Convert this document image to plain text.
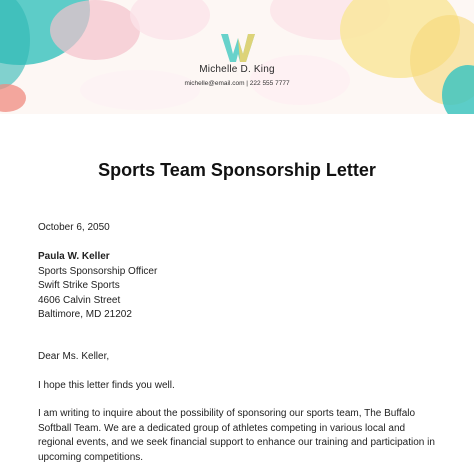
Michelle D. King
michelle@email.com | 222 555 7777
Sports Team Sponsorship Letter
October 6, 2050
Paula W. Keller
Sports Sponsorship Officer
Swift Strike Sports
4606 Calvin Street
Baltimore, MD 21202
Dear Ms. Keller,
I hope this letter finds you well.
I am writing to inquire about the possibility of sponsoring our sports team, The Buffalo Softball Team. We are a dedicated group of athletes competing in various local and regional events, and we seek financial support to enhance our training and participation in upcoming competitions.
